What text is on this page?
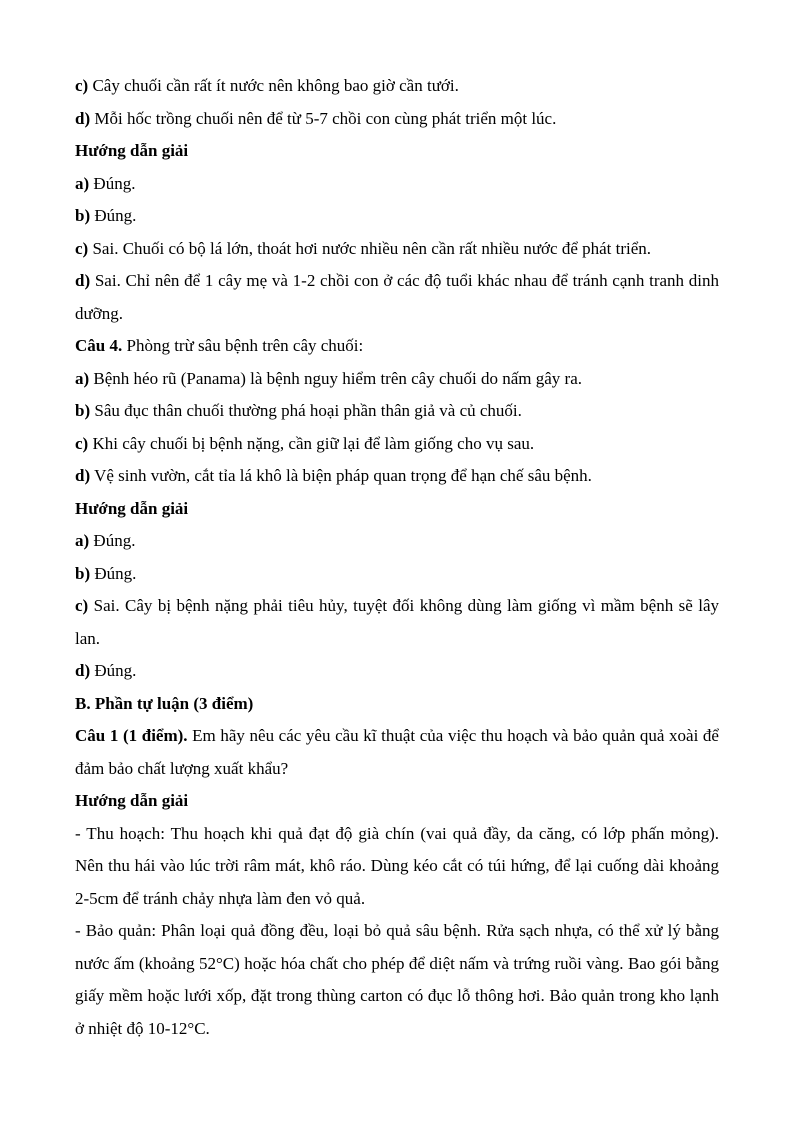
c) Cây chuối cần rất ít nước nên không bao giờ cần tưới.

d) Mỗi hốc trồng chuối nên để từ 5-7 chồi con cùng phát triển một lúc.

Hướng dẫn giải

a) Đúng.

b) Đúng.

c) Sai. Chuối có bộ lá lớn, thoát hơi nước nhiều nên cần rất nhiều nước để phát triển.

d) Sai. Chỉ nên để 1 cây mẹ và 1-2 chồi con ở các độ tuổi khác nhau để tránh cạnh tranh dinh dưỡng.

Câu 4. Phòng trừ sâu bệnh trên cây chuối:

a) Bệnh héo rũ (Panama) là bệnh nguy hiểm trên cây chuối do nấm gây ra.

b) Sâu đục thân chuối thường phá hoại phần thân giả và củ chuối.

c) Khi cây chuối bị bệnh nặng, cần giữ lại để làm giống cho vụ sau.

d) Vệ sinh vườn, cắt tỉa lá khô là biện pháp quan trọng để hạn chế sâu bệnh.

Hướng dẫn giải

a) Đúng.

b) Đúng.

c) Sai. Cây bị bệnh nặng phải tiêu hủy, tuyệt đối không dùng làm giống vì mầm bệnh sẽ lây lan.

d) Đúng.

B. Phần tự luận (3 điểm)

Câu 1 (1 điểm). Em hãy nêu các yêu cầu kĩ thuật của việc thu hoạch và bảo quản quả xoài để đảm bảo chất lượng xuất khẩu?

Hướng dẫn giải

- Thu hoạch: Thu hoạch khi quả đạt độ già chín (vai quả đầy, da căng, có lớp phấn mỏng). Nên thu hái vào lúc trời râm mát, khô ráo. Dùng kéo cắt có túi hứng, để lại cuống dài khoảng 2-5cm để tránh chảy nhựa làm đen vỏ quả.

- Bảo quản: Phân loại quả đồng đều, loại bỏ quả sâu bệnh. Rửa sạch nhựa, có thể xử lý bằng nước ấm (khoảng 52°C) hoặc hóa chất cho phép để diệt nấm và trứng ruồi vàng. Bao gói bằng giấy mềm hoặc lưới xốp, đặt trong thùng carton có đục lỗ thông hơi. Bảo quản trong kho lạnh ở nhiệt độ 10-12°C.
